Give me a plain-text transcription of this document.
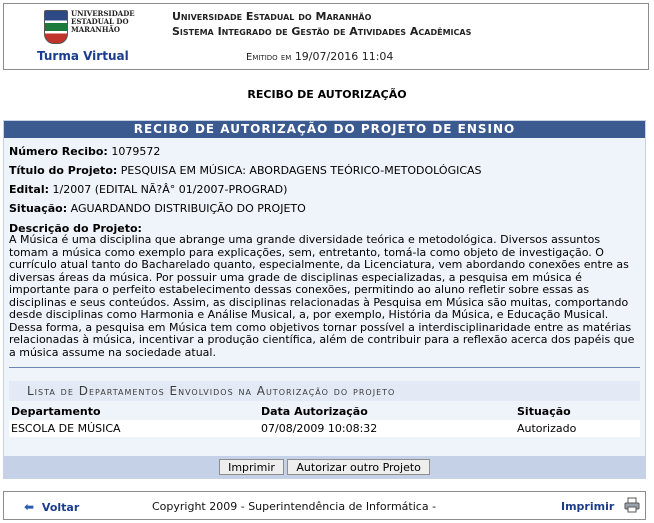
UNIVERSIDADE
ESTADUAL DO
MARANHÃO
Turma Virtual
Universidade Estadual do Maranhão
Sistema Integrado de Gestão de Atividades Acadêmicas
Emitido em 19/07/2016 11:04
RECIBO DE AUTORIZAÇÃO
RECIBO DE AUTORIZAÇÃO DO PROJETO DE ENSINO
Número Recibo: 1079572
Título do Projeto: PESQUISA EM MÚSICA: ABORDAGENS TEÓRICO-METODOLÓGICAS
Edital: 1/2007 (EDITAL NÃ?Â° 01/2007-PROGRAD)
Situação: AGUARDANDO DISTRIBUIÇÃO DO PROJETO
Descrição do Projeto:
A Música é uma disciplina que abrange uma grande diversidade teórica e metodológica. Diversos assuntos tomam a música como exemplo para explicações, sem, entretanto, tomá-la como objeto de investigação. O currículo atual tanto do Bacharelado quanto, especialmente, da Licenciatura, vem abordando conexões entre as diversas áreas da música. Por possuir uma grade de disciplinas especializadas, a pesquisa em música é importante para o perfeito estabelecimento dessas conexões, permitindo ao aluno refletir sobre essas as disciplinas e seus conteúdos. Assim, as disciplinas relacionadas à Pesquisa em Música são muitas, comportando desde disciplinas como Harmonia e Análise Musical, a, por exemplo, História da Música, e Educação Musical. Dessa forma, a pesquisa em Música tem como objetivos tornar possível a interdisciplinaridade entre as matérias relacionadas à música, incentivar a produção científica, além de contribuir para a reflexão acerca dos papéis que a música assume na sociedade atual.
Lista de Departamentos Envolvidos na Autorização do projeto
Departamento	Data Autorização	Situação
ESCOLA DE MÚSICA	07/08/2009 10:08:32	Autorizado
Imprimir Autorizar outro Projeto
⬅ Voltar	Copyright 2009 - Superintendência de Informática -	Imprimir
